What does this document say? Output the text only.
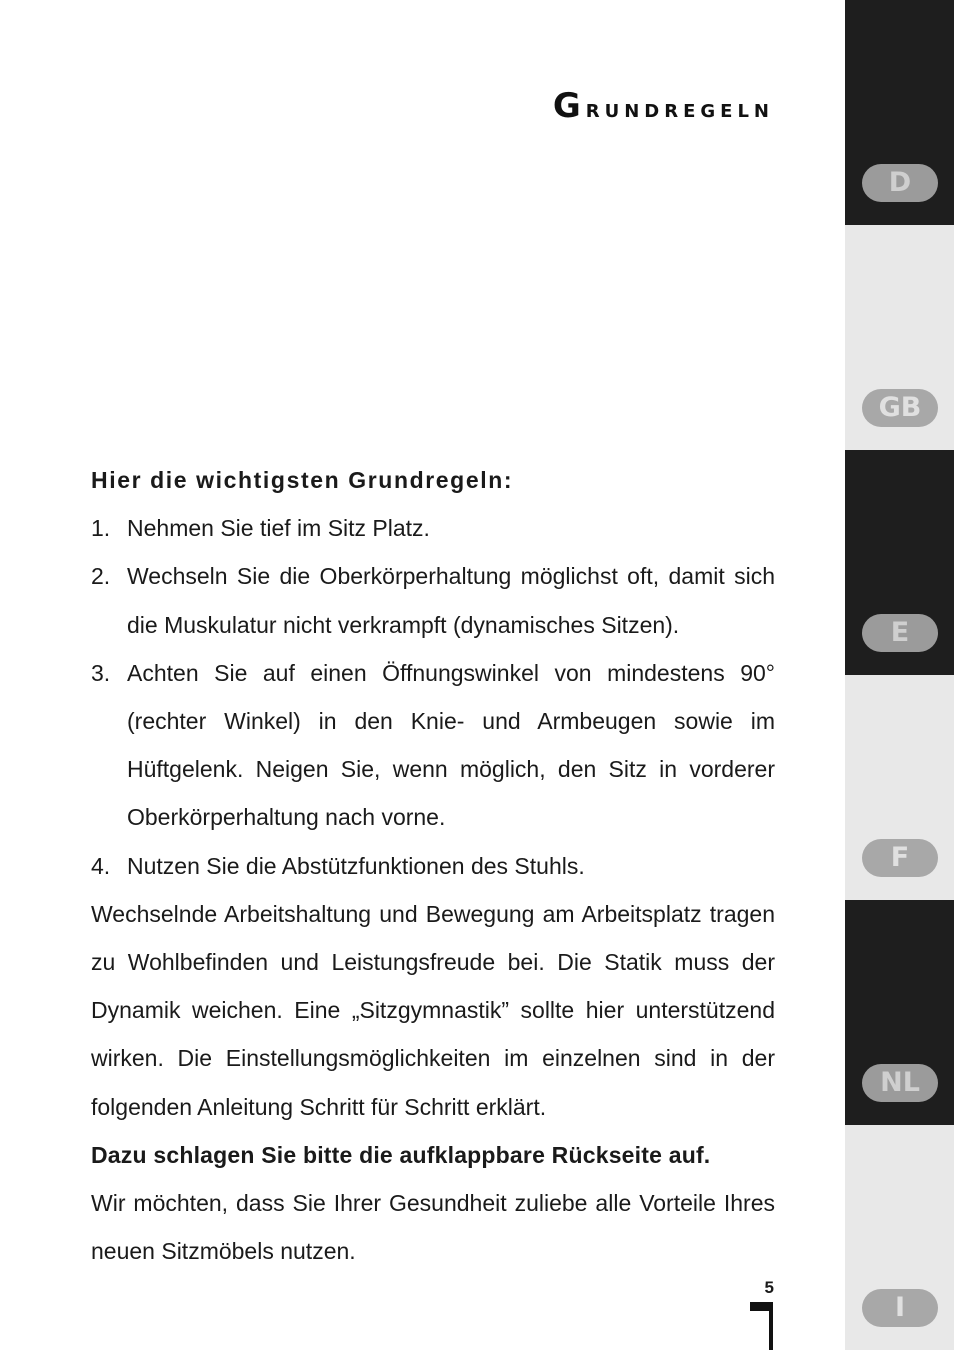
Grundregeln
Hier die wichtigsten Grundregeln:
1. Nehmen Sie tief im Sitz Platz.
2. Wechseln Sie die Oberkörperhaltung möglichst oft, damit sich die Muskulatur nicht verkrampft (dynamisches Sitzen).
3. Achten Sie auf einen Öffnungswinkel von mindestens 90° (rechter Winkel) in den Knie- und Armbeugen sowie im Hüftgelenk. Neigen Sie, wenn möglich, den Sitz in vorderer Oberkörperhaltung nach vorne.
4. Nutzen Sie die Abstützfunktionen des Stuhls.
Wechselnde Arbeitshaltung und Bewegung am Arbeitsplatz tragen zu Wohlbefinden und Leistungsfreude bei. Die Statik muss der Dynamik weichen. Eine „Sitzgymnastik” sollte hier unterstützend wirken. Die Einstellungsmöglichkeiten im einzelnen sind in der folgenden Anleitung Schritt für Schritt erklärt.
Dazu schlagen Sie bitte die aufklappbare Rückseite auf.
Wir möchten, dass Sie Ihrer Gesundheit zuliebe alle Vorteile Ihres neuen Sitzmöbels nutzen.
5
D
GB
E
F
NL
I
